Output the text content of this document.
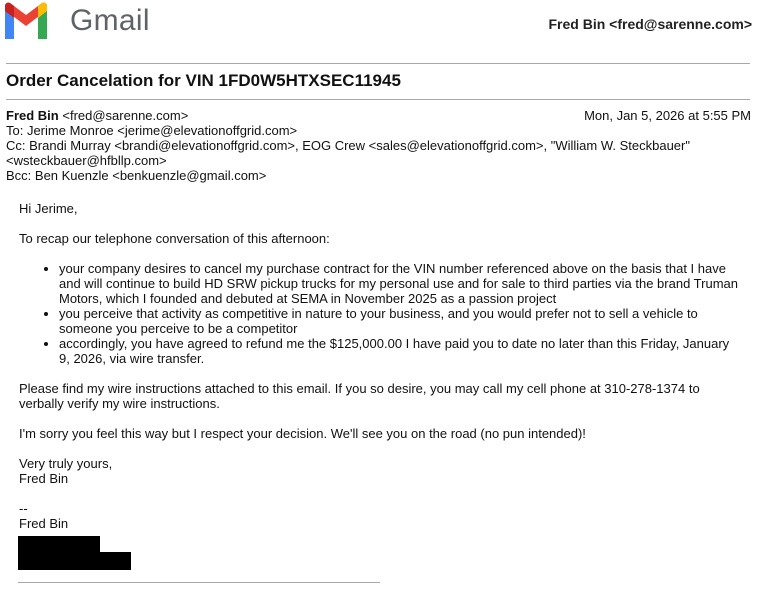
Gmail	Fred Bin <fred@sarenne.com>
Order Cancelation for VIN 1FD0W5HTXSEC11945
Fred Bin <fred@sarenne.com>	Mon, Jan 5, 2026 at 5:55 PM
To: Jerime Monroe <jerime@elevationoffgrid.com>
Cc: Brandi Murray <brandi@elevationoffgrid.com>, EOG Crew <sales@elevationoffgrid.com>, "William W. Steckbauer"
<wsteckbauer@hfbllp.com>
Bcc: Ben Kuenzle <benkuenzle@gmail.com>

Hi Jerime,

To recap our telephone conversation of this afternoon:

• your company desires to cancel my purchase contract for the VIN number referenced above on the basis that I have and will continue to build HD SRW pickup trucks for my personal use and for sale to third parties via the brand Truman Motors, which I founded and debuted at SEMA in November 2025 as a passion project
• you perceive that activity as competitive in nature to your business, and you would prefer not to sell a vehicle to someone you perceive to be a competitor
• accordingly, you have agreed to refund me the $125,000.00 I have paid you to date no later than this Friday, January 9, 2026, via wire transfer.

Please find my wire instructions attached to this email. If you so desire, you may call my cell phone at 310-278-1374 to verbally verify my wire instructions.

I'm sorry you feel this way but I respect your decision. We'll see you on the road (no pun intended)!

Very truly yours,

Fred Bin

--

Fred Bin
